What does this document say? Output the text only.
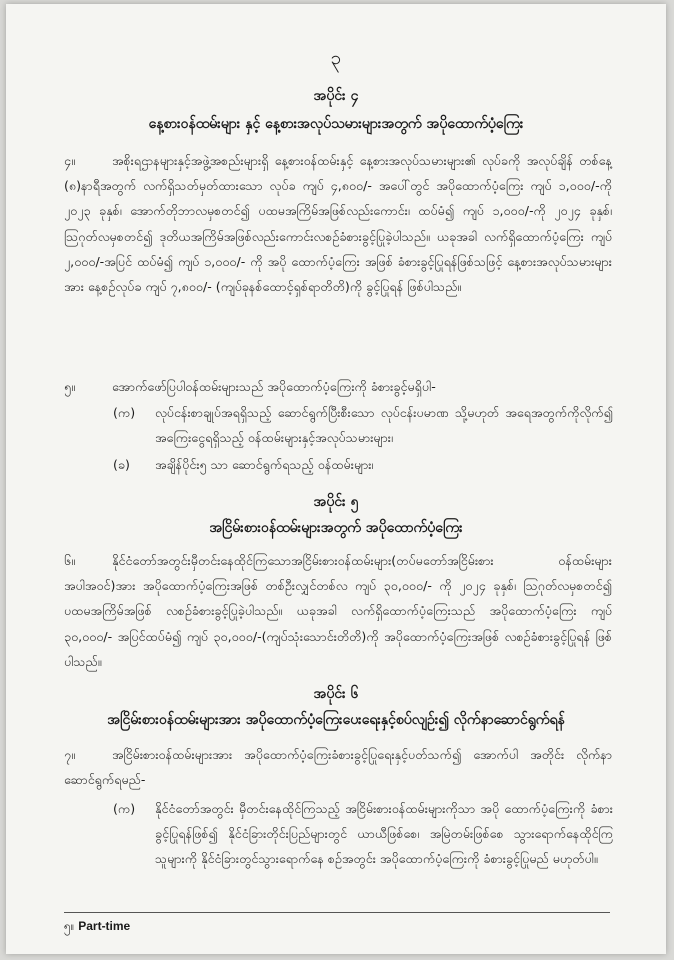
၃
အပိုင်း ၄
နေ့စားဝန်ထမ်းများ နှင့် နေ့စားအလုပ်သမားများအတွက် အပိုထောက်ပံ့ကြေး
၄။	အစိုးရဌာနများနှင့်အဖွဲ့အစည်းများရှိ နေ့စားဝန်ထမ်းနှင့် နေ့စားအလုပ်သမားများ၏ လုပ်ခကို အလုပ်ချိန် တစ်နေ့ (၈)နာရီအတွက် လက်ရှိသတ်မှတ်ထားသော လုပ်ခ ကျပ် ၄,၈၀၀/- အပေါ်တွင် အပိုထောက်ပံ့ကြေး ကျပ် ၁,၀၀၀/-ကို ၂၀၂၃ ခုနှစ်၊ အောက်တိုဘာလမှစတင်၍ ပထမအကြိမ်အဖြစ်လည်းကောင်း၊ ထပ်မံ၍ ကျပ် ၁,၀၀၀/-ကို ၂၀၂၄ ခုနှစ်၊ ဩဂုတ်လမှစတင်၍ ဒုတိယအကြိမ်အဖြစ်လည်းကောင်းလစဉ်ခံစားခွင့်ပြုခဲ့ပါသည်။ ယခုအခါ လက်ရှိထောက်ပံ့ကြေး ကျပ် ၂,၀၀၀/-အပြင် ထပ်မံ၍ ကျပ် ၁,၀၀၀/- ကို အပို ထောက်ပံ့ကြေး အဖြစ် ခံစားခွင့်ပြုရန်ဖြစ်သဖြင့် နေ့စားအလုပ်သမားများအား နေ့စဉ်လုပ်ခ ကျပ် ၇,၈၀၀/- (ကျပ်ခုနစ်ထောင့်ရှစ်ရာတိတိ)ကို ခွင့်ပြုရန် ဖြစ်ပါသည်။
၅။	အောက်ဖော်ပြပါဝန်ထမ်းများသည် အပိုထောက်ပံ့ကြေးကို ခံစားခွင့်မရှိပါ-
(က) လုပ်ငန်းစာချုပ်အရရှိသည့် ဆောင်ရွက်ပြီးစီးသော လုပ်ငန်းပမာဏ သို့မဟုတ် အရေအတွက်ကိုလိုက်၍ အကြေးငွေရရှိသည့် ဝန်ထမ်းများနှင့်အလုပ်သမားများ၊
(ခ) အချိန်ပိုင်း၅ သာ ဆောင်ရွက်ရသည့် ဝန်ထမ်းများ၊
အပိုင်း ၅
အငြိမ်းစားဝန်ထမ်းများအတွက် အပိုထောက်ပံ့ကြေး
၆။	နိုင်ငံတော်အတွင်းမှီတင်းနေထိုင်ကြသောအငြိမ်းစားဝန်ထမ်းများ(တပ်မတော်အငြိမ်းစား ဝန်ထမ်းများအပါအဝင်)အား အပိုထောက်ပံ့ကြေးအဖြစ် တစ်ဦးလျှင်တစ်လ ကျပ် ၃၀,၀၀၀/- ကို ၂၀၂၄ ခုနှစ်၊ ဩဂုတ်လမှစတင်၍ ပထမအကြိမ်အဖြစ် လစဉ်ခံစားခွင့်ပြုခဲ့ပါသည်။ ယခုအခါ လက်ရှိထောက်ပံ့ကြေးသည် အပိုထောက်ပံ့ကြေး ကျပ် ၃၀,၀၀၀/- အပြင်ထပ်မံ၍ ကျပ် ၃၀,၀၀၀/-(ကျပ်သုံးသောင်းတိတိ)ကို အပိုထောက်ပံ့ကြေးအဖြစ် လစဉ်ခံစားခွင့်ပြုရန် ဖြစ်ပါသည်။
အပိုင်း ၆
အငြိမ်းစားဝန်ထမ်းများအား အပိုထောက်ပံ့ကြေးပေးရေးနှင့်စပ်လျဉ်း၍ လိုက်နာဆောင်ရွက်ရန်
၇။	အငြိမ်းစားဝန်ထမ်းများအား အပိုထောက်ပံ့ကြေးခံစားခွင့်ပြုရေးနှင့်ပတ်သက်၍ အောက်ပါ အတိုင်း လိုက်နာဆောင်ရွက်ရမည်-
(က) နိုင်ငံတော်အတွင်း မှီတင်းနေထိုင်ကြသည့် အငြိမ်းစားဝန်ထမ်းများကိုသာ အပို ထောက်ပံ့ကြေးကို ခံစားခွင့်ပြုရန်ဖြစ်၍ နိုင်ငံခြားတိုင်းပြည်များတွင် ယာယီဖြစ်စေ၊ အမြဲတမ်းဖြစ်စေ သွားရောက်နေထိုင်ကြသူများကို နိုင်ငံခြားတွင်သွားရောက်နေ စဉ်အတွင်း အပိုထောက်ပံ့ကြေးကို ခံစားခွင့်ပြုမည် မဟုတ်ပါ။
၅။ Part-time
